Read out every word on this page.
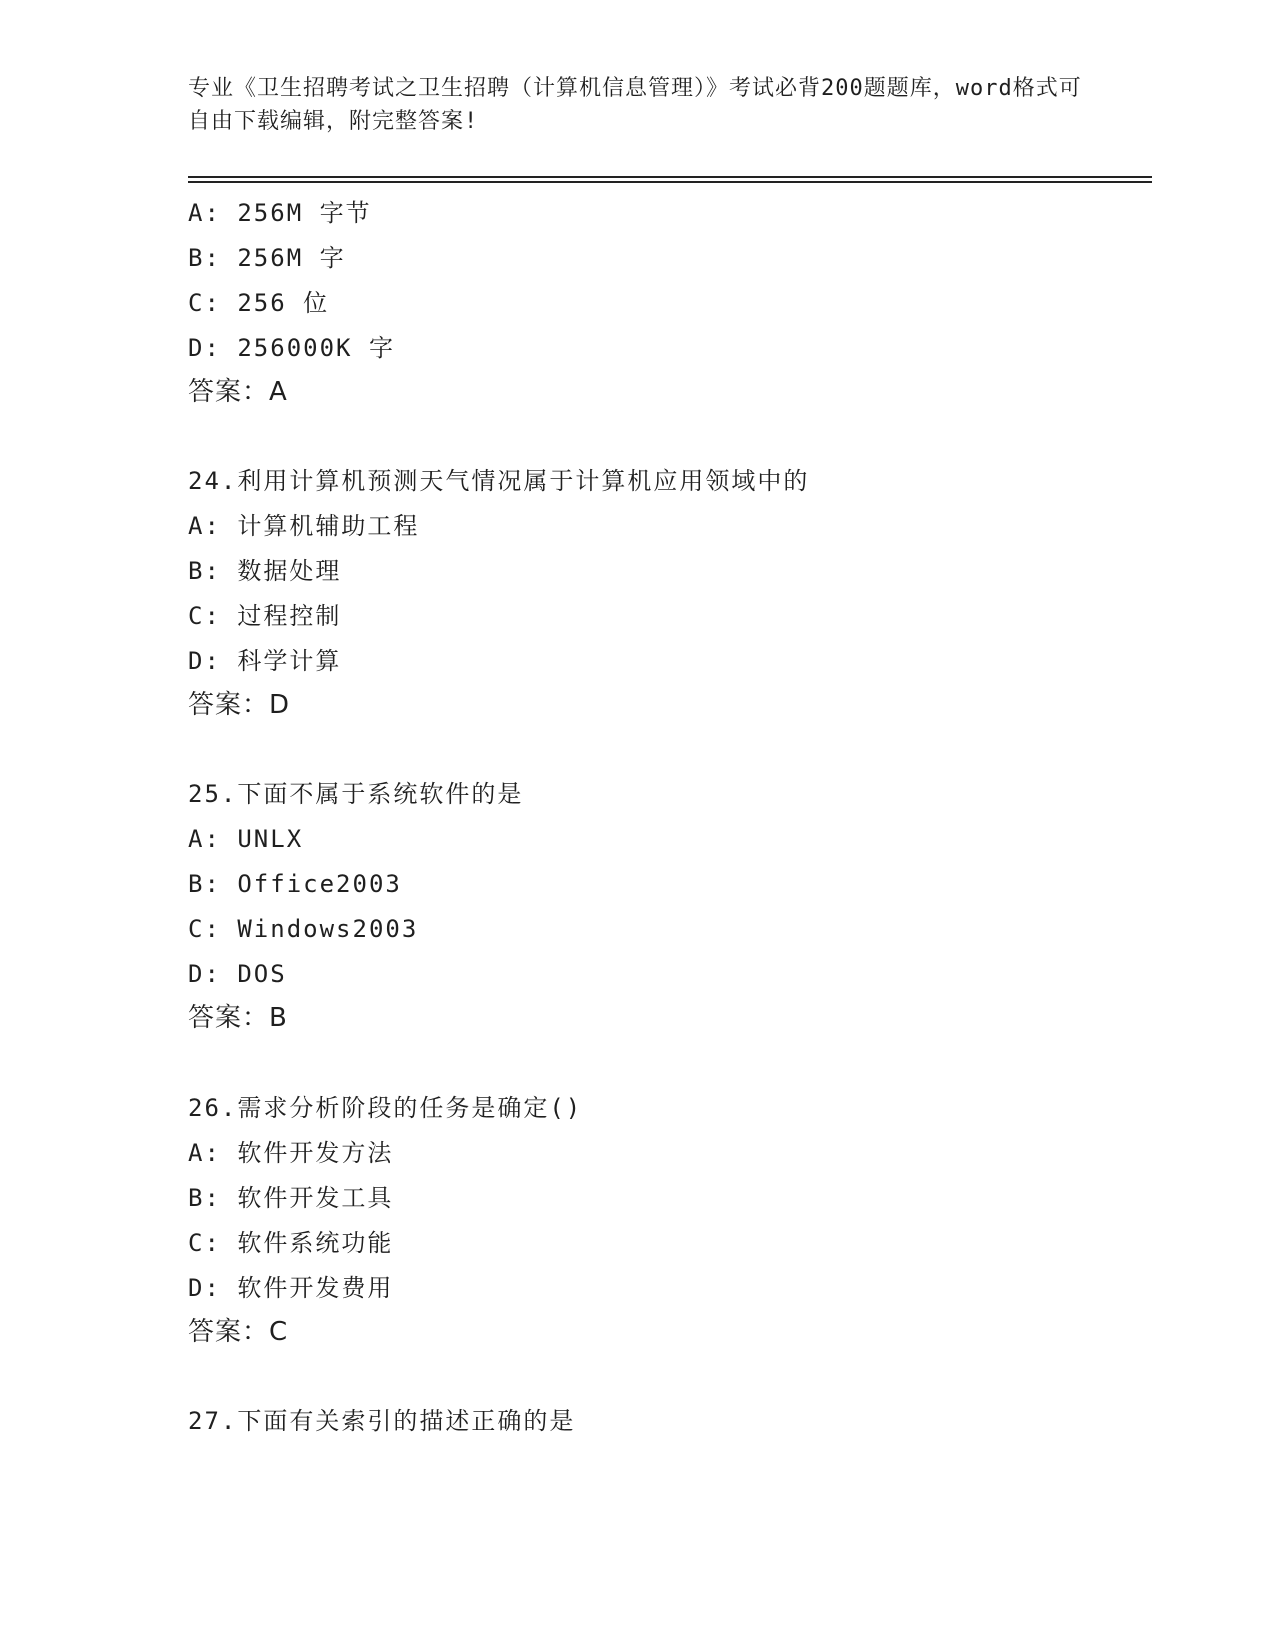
专业《卫生招聘考试之卫生招聘（计算机信息管理）》考试必背200题题库，word格式可自由下载编辑，附完整答案!
A: 256M 字节
B: 256M 字
C: 256 位
D: 256000K 字
答案：A
24.利用计算机预测天气情况属于计算机应用领域中的
A: 计算机辅助工程
B: 数据处理
C: 过程控制
D: 科学计算
答案：D
25.下面不属于系统软件的是
A: UNLX
B: Office2003
C: Windows2003
D: DOS
答案：B
26.需求分析阶段的任务是确定()
A: 软件开发方法
B: 软件开发工具
C: 软件系统功能
D: 软件开发费用
答案：C
27.下面有关索引的描述正确的是
